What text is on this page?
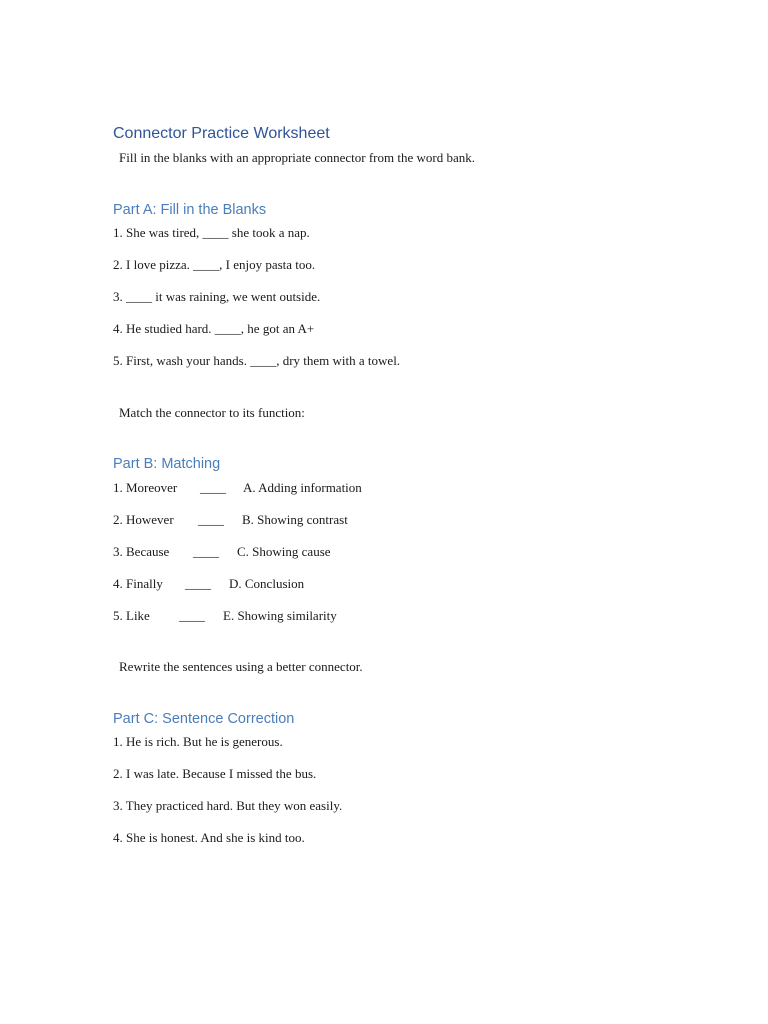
Connector Practice Worksheet
Fill in the blanks with an appropriate connector from the word bank.
Part A: Fill in the Blanks
1. She was tired, ____ she took a nap.
2. I love pizza. ____, I enjoy pasta too.
3. ____ it was raining, we went outside.
4. He studied hard. ____, he got an A+
5. First, wash your hands. ____, dry them with a towel.
Match the connector to its function:
Part B: Matching
1. Moreover ____ A. Adding information
2. However ____ B. Showing contrast
3. Because ____ C. Showing cause
4. Finally ____ D. Conclusion
5. Like ____ E. Showing similarity
Rewrite the sentences using a better connector.
Part C: Sentence Correction
1. He is rich. But he is generous.
2. I was late. Because I missed the bus.
3. They practiced hard. But they won easily.
4. She is honest. And she is kind too.
